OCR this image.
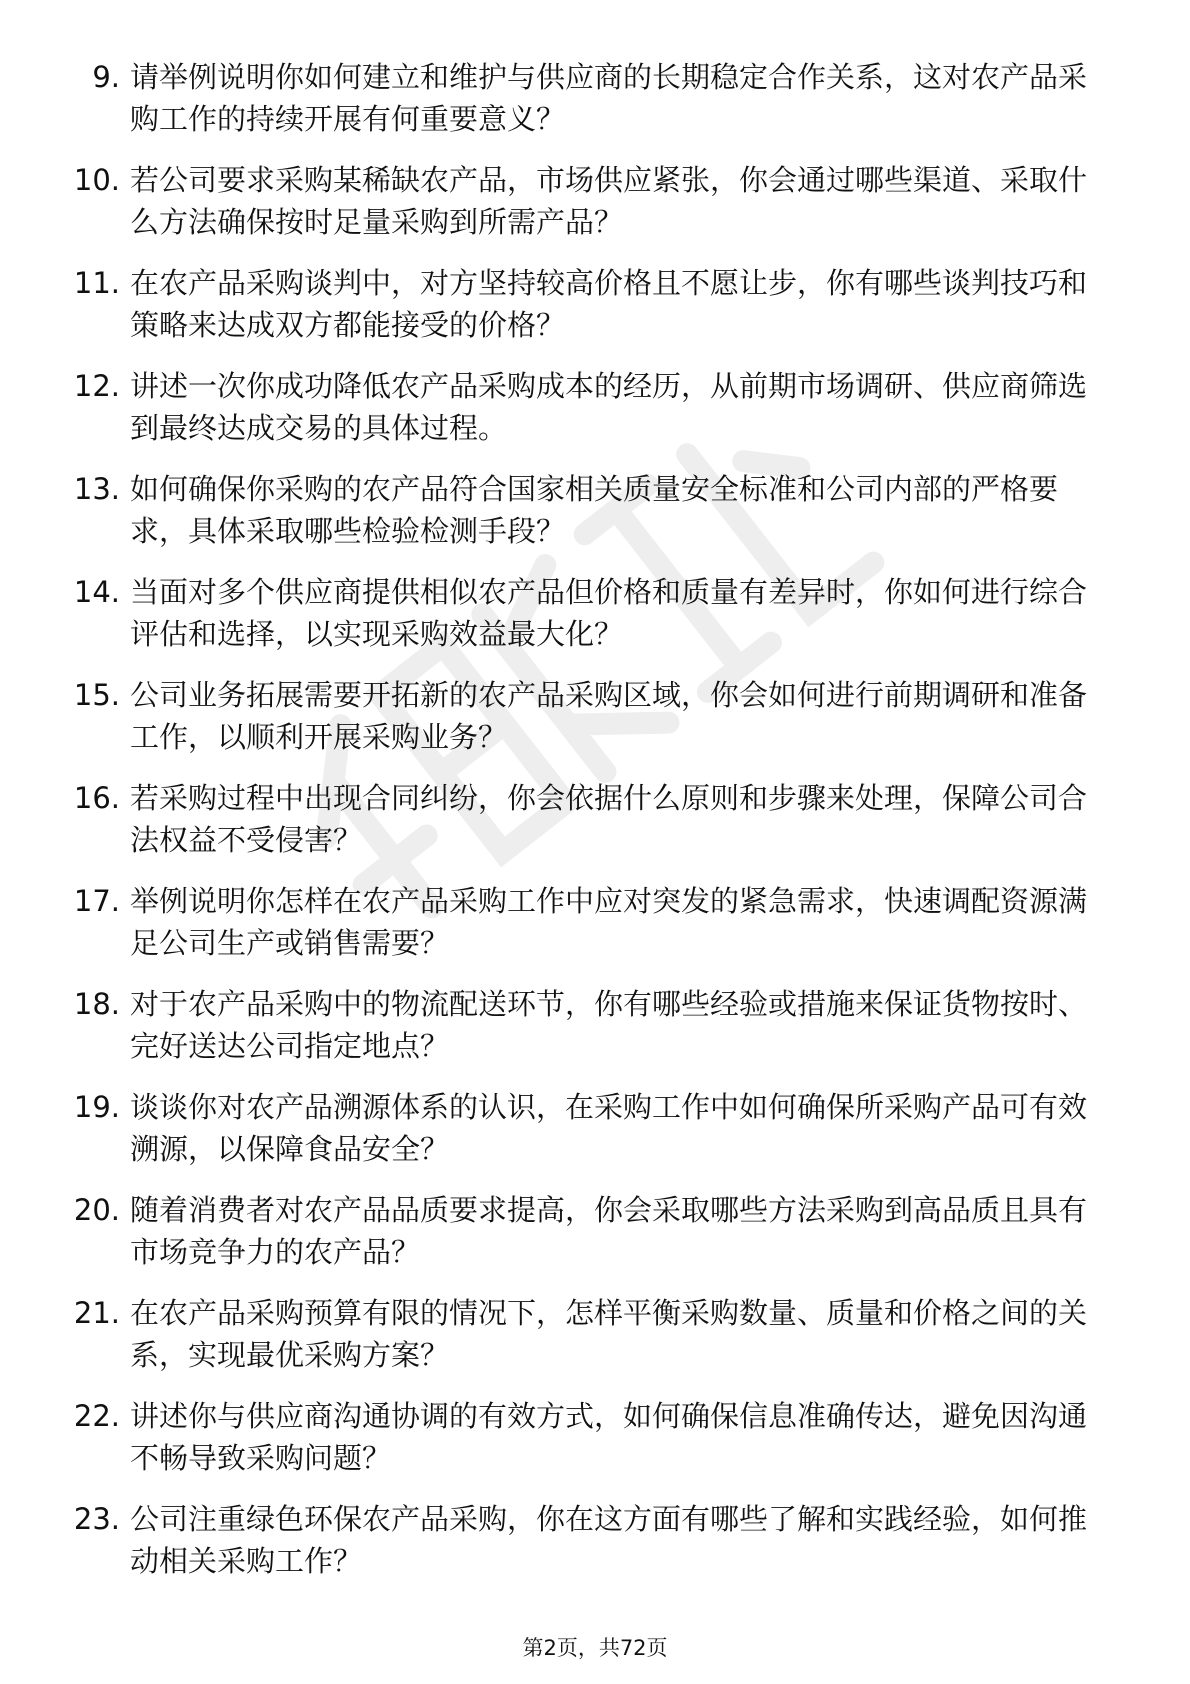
9. 请举例说明你如何建立和维护与供应商的长期稳定合作关系，这对农产品采购工作的持续开展有何重要意义？
10. 若公司要求采购某稀缺农产品，市场供应紧张，你会通过哪些渠道、采取什么方法确保按时足量采购到所需产品？
11. 在农产品采购谈判中，对方坚持较高价格且不愿让步，你有哪些谈判技巧和策略来达成双方都能接受的价格？
12. 讲述一次你成功降低农产品采购成本的经历，从前期市场调研、供应商筛选到最终达成交易的具体过程。
13. 如何确保你采购的农产品符合国家相关质量安全标准和公司内部的严格要求，具体采取哪些检验检测手段？
14. 当面对多个供应商提供相似农产品但价格和质量有差异时，你如何进行综合评估和选择，以实现采购效益最大化？
15. 公司业务拓展需要开拓新的农产品采购区域，你会如何进行前期调研和准备工作，以顺利开展采购业务？
16. 若采购过程中出现合同纠纷，你会依据什么原则和步骤来处理，保障公司合法权益不受侵害？
17. 举例说明你怎样在农产品采购工作中应对突发的紧急需求，快速调配资源满足公司生产或销售需要？
18. 对于农产品采购中的物流配送环节，你有哪些经验或措施来保证货物按时、完好送达公司指定地点？
19. 谈谈你对农产品溯源体系的认识，在采购工作中如何确保所采购产品可有效溯源，以保障食品安全？
20. 随着消费者对农产品品质要求提高，你会采取哪些方法采购到高品质且具有市场竞争力的农产品？
21. 在农产品采购预算有限的情况下，怎样平衡采购数量、质量和价格之间的关系，实现最优采购方案？
22. 讲述你与供应商沟通协调的有效方式，如何确保信息准确传达，避免因沟通不畅导致采购问题？
23. 公司注重绿色环保农产品采购，你在这方面有哪些了解和实践经验，如何推动相关采购工作？
第2页，共72页
